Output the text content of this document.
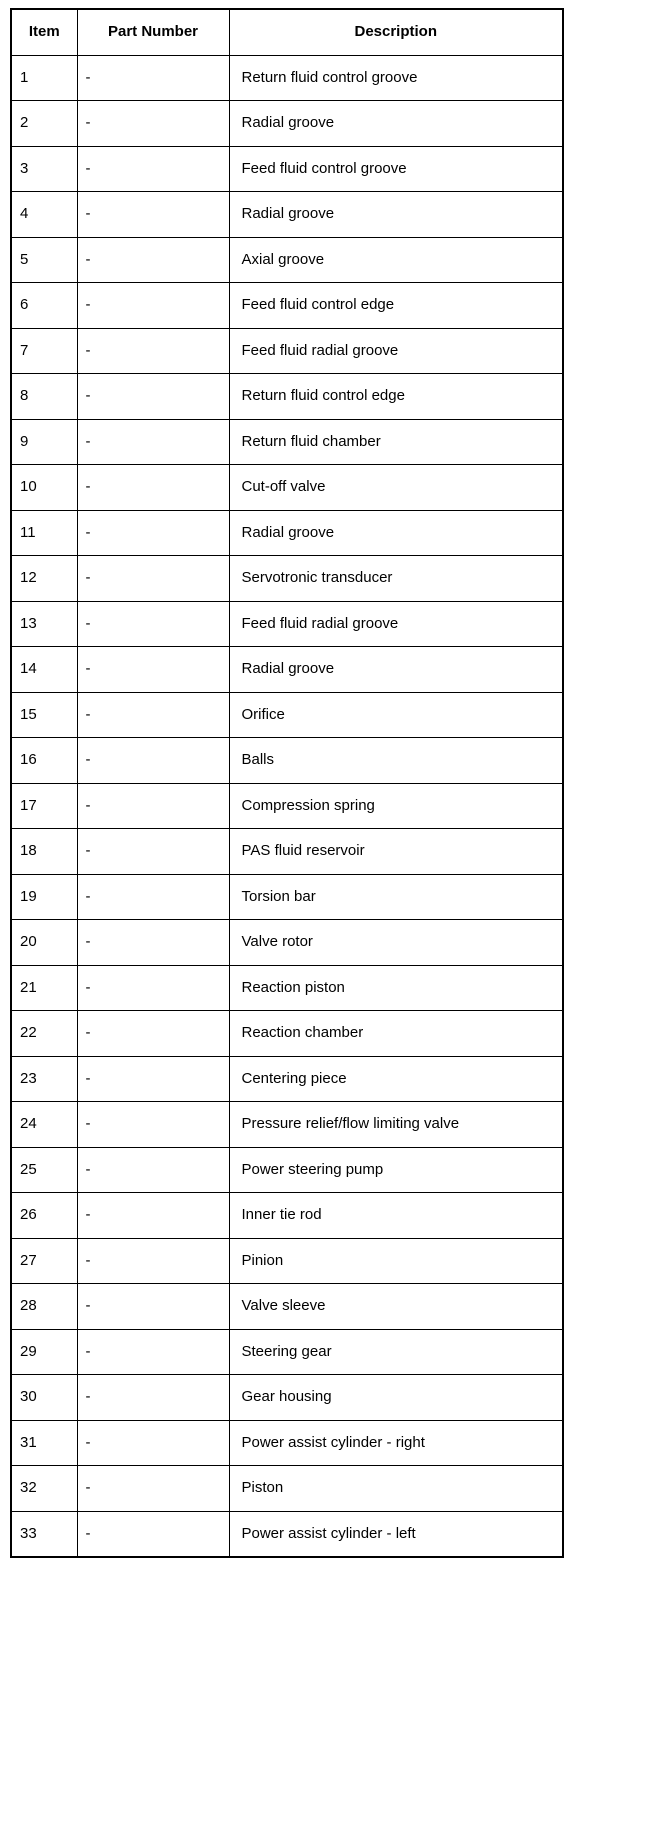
Item	Part Number	Description
1	-	Return fluid control groove
2	-	Radial groove
3	-	Feed fluid control groove
4	-	Radial groove
5	-	Axial groove
6	-	Feed fluid control edge
7	-	Feed fluid radial groove
8	-	Return fluid control edge
9	-	Return fluid chamber
10	-	Cut-off valve
11	-	Radial groove
12	-	Servotronic transducer
13	-	Feed fluid radial groove
14	-	Radial groove
15	-	Orifice
16	-	Balls
17	-	Compression spring
18	-	PAS fluid reservoir
19	-	Torsion bar
20	-	Valve rotor
21	-	Reaction piston
22	-	Reaction chamber
23	-	Centering piece
24	-	Pressure relief/flow limiting valve
25	-	Power steering pump
26	-	Inner tie rod
27	-	Pinion
28	-	Valve sleeve
29	-	Steering gear
30	-	Gear housing
31	-	Power assist cylinder - right
32	-	Piston
33	-	Power assist cylinder - left
